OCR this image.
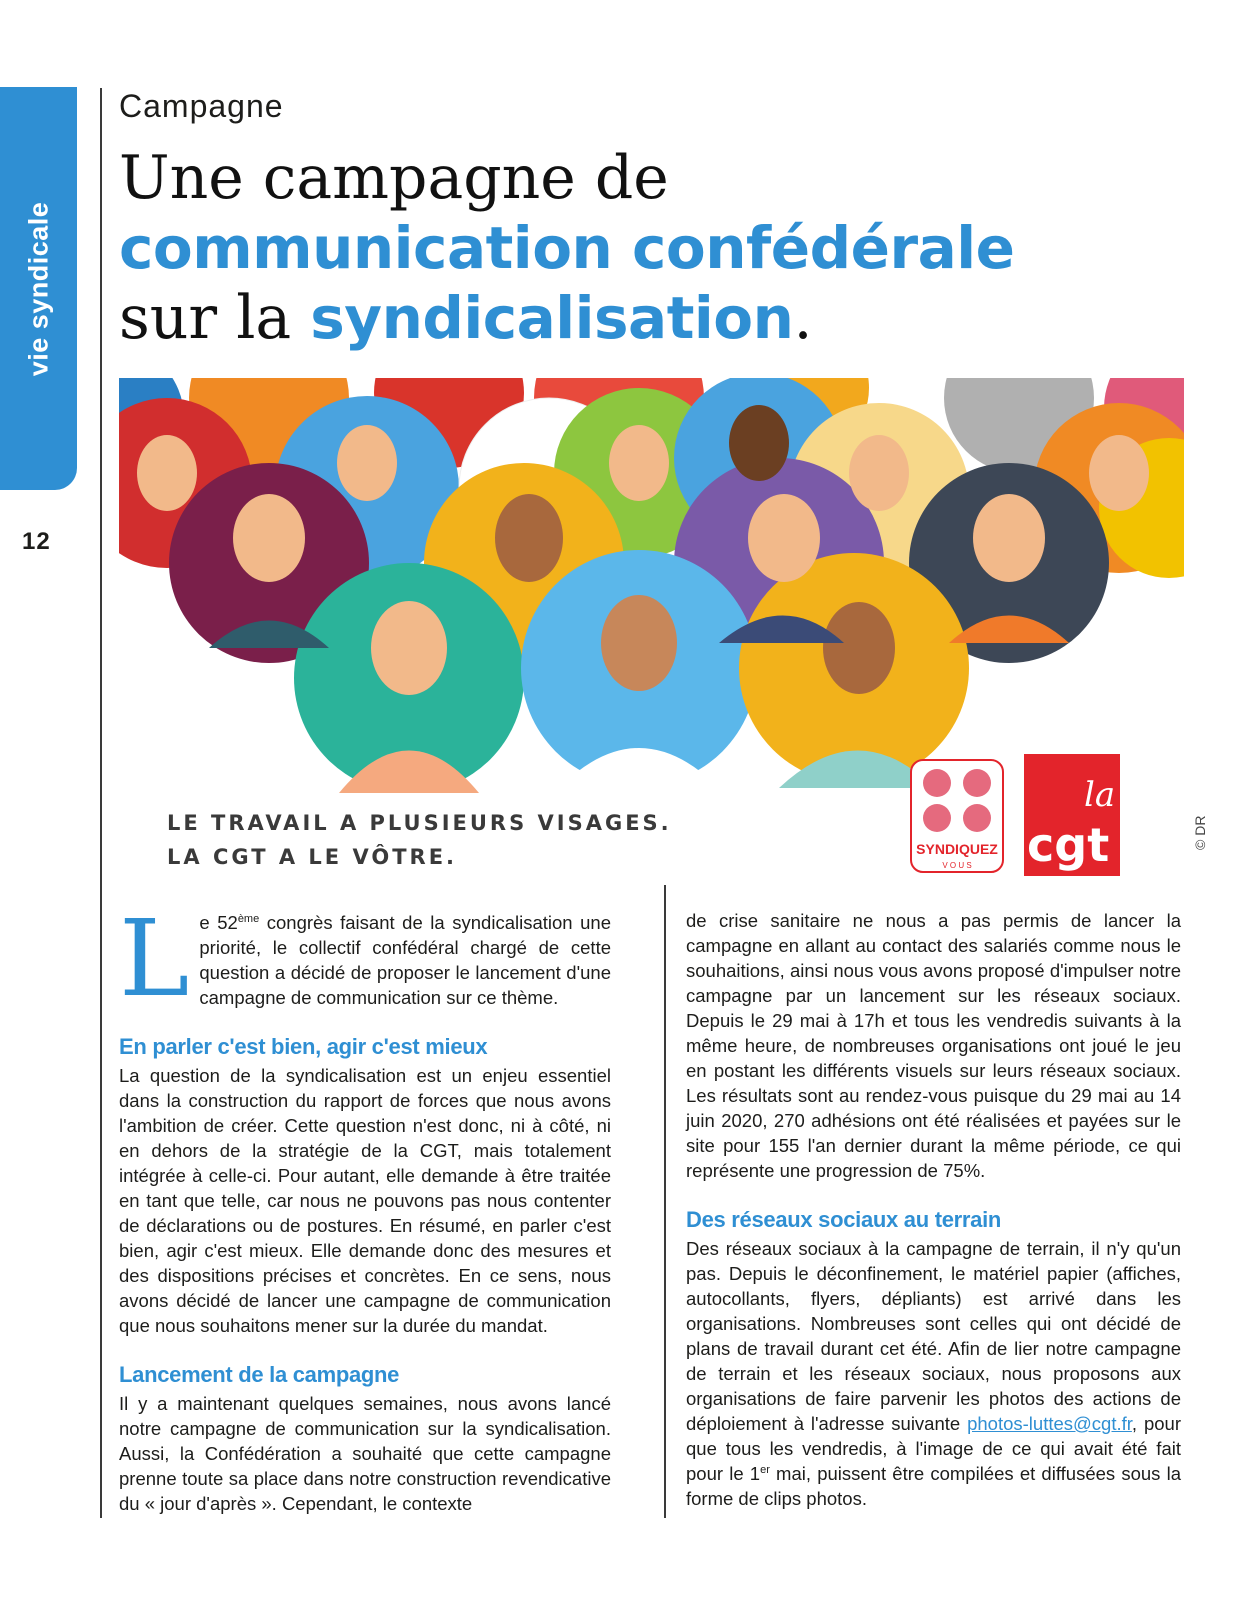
vie syndicale
12
Campagne
Une campagne de
communication confédérale
sur la syndicalisation.
LE TRAVAIL A PLUSIEURS VISAGES.
LA CGT A LE VÔTRE.	SYNDIQUEZ
V O U S
la
cgt	© DR

Le 52ème congrès faisant de la syndicalisation une priorité, le collectif confédéral chargé de cette question a décidé de proposer le lancement d'une campagne de communication sur ce thème.

En parler c'est bien, agir c'est mieux

La question de la syndicalisation est un enjeu essentiel dans la construction du rapport de forces que nous avons l'ambition de créer. Cette question n'est donc, ni à côté, ni en dehors de la stratégie de la CGT, mais totalement intégrée à celle-ci. Pour autant, elle demande à être traitée en tant que telle, car nous ne pouvons pas nous contenter de déclarations ou de postures. En résumé, en parler c'est bien, agir c'est mieux. Elle demande donc des mesures et des dispositions précises et concrètes. En ce sens, nous avons décidé de lancer une campagne de communication que nous souhaitons mener sur la durée du mandat.

Lancement de la campagne

Il y a maintenant quelques semaines, nous avons lancé notre campagne de communication sur la syndicalisation. Aussi, la Confédération a souhaité que cette campagne prenne toute sa place dans notre construction revendicative du « jour d'après ». Cependant, le contexte

de crise sanitaire ne nous a pas permis de lancer la campagne en allant au contact des salariés comme nous le souhaitions, ainsi nous vous avons proposé d'impulser notre campagne par un lancement sur les réseaux sociaux. Depuis le 29 mai à 17h et tous les vendredis suivants à la même heure, de nombreuses organisations ont joué le jeu en postant les différents visuels sur leurs réseaux sociaux. Les résultats sont au rendez-vous puisque du 29 mai au 14 juin 2020, 270 adhésions ont été réalisées et payées sur le site pour 155 l'an dernier durant la même période, ce qui représente une progression de 75%.

Des réseaux sociaux au terrain

Des réseaux sociaux à la campagne de terrain, il n'y qu'un pas. Depuis le déconfinement, le matériel papier (affiches, autocollants, flyers, dépliants) est arrivé dans les organisations. Nombreuses sont celles qui ont décidé de plans de travail durant cet été. Afin de lier notre campagne de terrain et les réseaux sociaux, nous proposons aux organisations de faire parvenir les photos des actions de déploiement à l'adresse suivante photos-luttes@cgt.fr, pour que tous les vendredis, à l'image de ce qui avait été fait pour le 1er mai, puissent être compilées et diffusées sous la forme de clips photos.
